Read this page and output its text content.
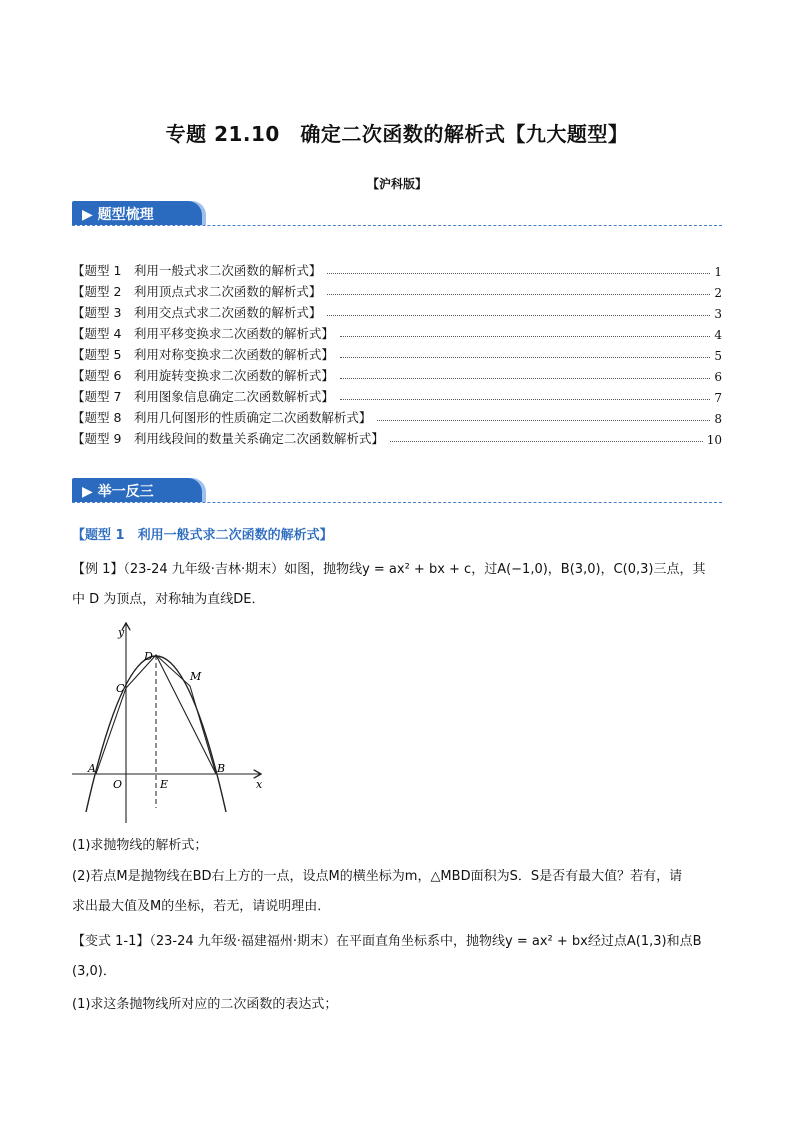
专题 21.10　确定二次函数的解析式【九大题型】
【沪科版】
▶ 题型梳理
【题型 1　利用一般式求二次函数的解析式】	1
【题型 2　利用顶点式求二次函数的解析式】	2
【题型 3　利用交点式求二次函数的解析式】	3
【题型 4　利用平移变换求二次函数的解析式】	4
【题型 5　利用对称变换求二次函数的解析式】	5
【题型 6　利用旋转变换求二次函数的解析式】	6
【题型 7　利用图象信息确定二次函数解析式】	7
【题型 8　利用几何图形的性质确定二次函数解析式】	8
【题型 9　利用线段间的数量关系确定二次函数解析式】	10
▶ 举一反三
【题型 1　利用一般式求二次函数的解析式】
【例 1】（23-24 九年级·吉林·期末）如图，抛物线y = ax² + bx + c，过A(−1,0)，B(3,0)，C(0,3)三点，其
中 D 为顶点，对称轴为直线DE．
y
x
O
A	B
C
D
E
M
(1)求抛物线的解析式；
(2)若点M是抛物线在BD右上方的一点，设点M的横坐标为m，△MBD面积为S．S是否有最大值？若有，请
求出最大值及M的坐标，若无，请说明理由．
【变式 1-1】（23-24 九年级·福建福州·期末）在平面直角坐标系中，抛物线y = ax² + bx经过点A(1,3)和点B
(3,0)．
(1)求这条抛物线所对应的二次函数的表达式；
